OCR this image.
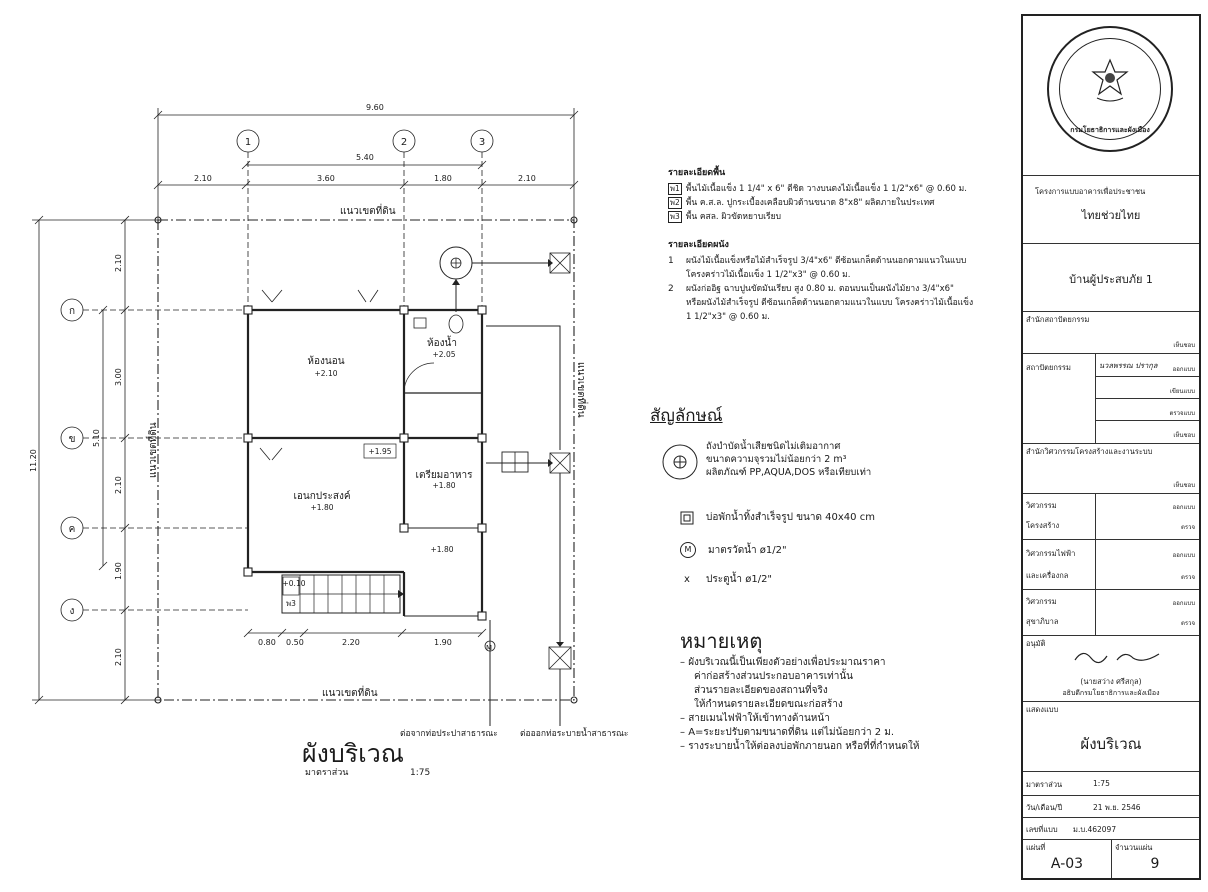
9.60
5.40
2.10	3.60	1.80	2.10
1	2	3
ก
ข
ค
ง
11.20
2.10
3.00
5.10
2.10
1.90
2.10
0.80 0.50	2.20	1.90
แนวเขตที่ดิน
แนวเขตที่ดิน
แนวเขตที่ดิน
แนวเขตที่ดิน
ห้องนอน
ห้องน้ำ
เอนกประสงค์
เตรียมอาหาร
+2.10
+2.05
+1.80
+1.80
+1.95
+1.80
+0.10
พ3
ต่อจากท่อประปาสาธารณะ	ต่อออกท่อระบายน้ำสาธารณะ
ผังบริเวณ
มาตราส่วน	1:75
M
รายละเอียดพื้น
พ1 พื้นไม้เนื้อแข็ง 1 1/4" x 6" ตีชิด วางบนตงไม้เนื้อแข็ง 1 1/2"x6" @ 0.60 ม.
พ2 พื้น ค.ส.ล. ปูกระเบื้องเคลือบผิวด้านขนาด 8"x8" ผลิตภายในประเทศ
พ3 พื้น คสล. ผิวขัดหยาบเรียบ
รายละเอียดผนัง
1	ผนังไม้เนื้อแข็งหรือไม้สำเร็จรูป 3/4"x6" ตีซ้อนเกล็ดด้านนอกตามแนวในแบบ
โครงคร่าวไม้เนื้อแข็ง 1 1/2"x3" @ 0.60 ม.
2	ผนังก่ออิฐ ฉาบปูนขัดมันเรียบ สูง 0.80 ม. ตอนบนเป็นผนังไม้ยาง 3/4"x6"
หรือผนังไม้สำเร็จรูป ตีซ้อนเกล็ดด้านนอกตามแนวในแบบ โครงคร่าวไม้เนื้อแข็ง
1 1/2"x3" @ 0.60 ม.
สัญลักษณ์
ถังบำบัดน้ำเสียชนิดไม่เติมอากาศ
ขนาดความจุรวมไม่น้อยกว่า 2 m³
ผลิตภัณฑ์ PP,AQUA,DOS หรือเทียบเท่า
บ่อพักน้ำทิ้งสำเร็จรูป ขนาด 40x40 cm
M	มาตรวัดน้ำ ø1/2"
x	ประตูน้ำ ø1/2"
หมายเหตุ
– ผังบริเวณนี้เป็นเพียงตัวอย่างเพื่อประมาณราคา
ค่าก่อสร้างส่วนประกอบอาคารเท่านั้น
ส่วนรายละเอียดของสถานที่จริง
ให้กำหนดรายละเอียดขณะก่อสร้าง
– สายเมนไฟฟ้าให้เข้าทางด้านหน้า
– A=ระยะปรับตามขนาดที่ดิน แต่ไม่น้อยกว่า 2 ม.
– รางระบายน้ำให้ต่อลงบ่อพักภายนอก หรือที่ที่กำหนดให้
กรมโยธาธิการและผังเมือง
โครงการแบบอาคารเพื่อประชาชน
ไทยช่วยไทย
บ้านผู้ประสบภัย 1
สำนักสถาปัตยกรรม
เห็นชอบ
สถาปัตยกรรม	นวลพรรณ ปรากุล	ออกแบบ
เขียนแบบ
ตรวจแบบ
เห็นชอบ
สำนักวิศวกรรมโครงสร้างและงานระบบ
เห็นชอบ
วิศวกรรม
โครงสร้าง
ออกแบบ
ตรวจ
วิศวกรรมไฟฟ้า
และเครื่องกล
ออกแบบ
ตรวจ
วิศวกรรม
สุขาภิบาล
ออกแบบ
ตรวจ
อนุมัติ
(นายสว่าง ศรีสกุล)
อธิบดีกรมโยธาธิการและผังเมือง
แสดงแบบ
ผังบริเวณ
มาตราส่วน	1:75
วัน/เดือน/ปี	21 พ.ย. 2546
เลขที่แบบ ม.บ.462097
แผ่นที่
A-03
จำนวนแผ่น
9
